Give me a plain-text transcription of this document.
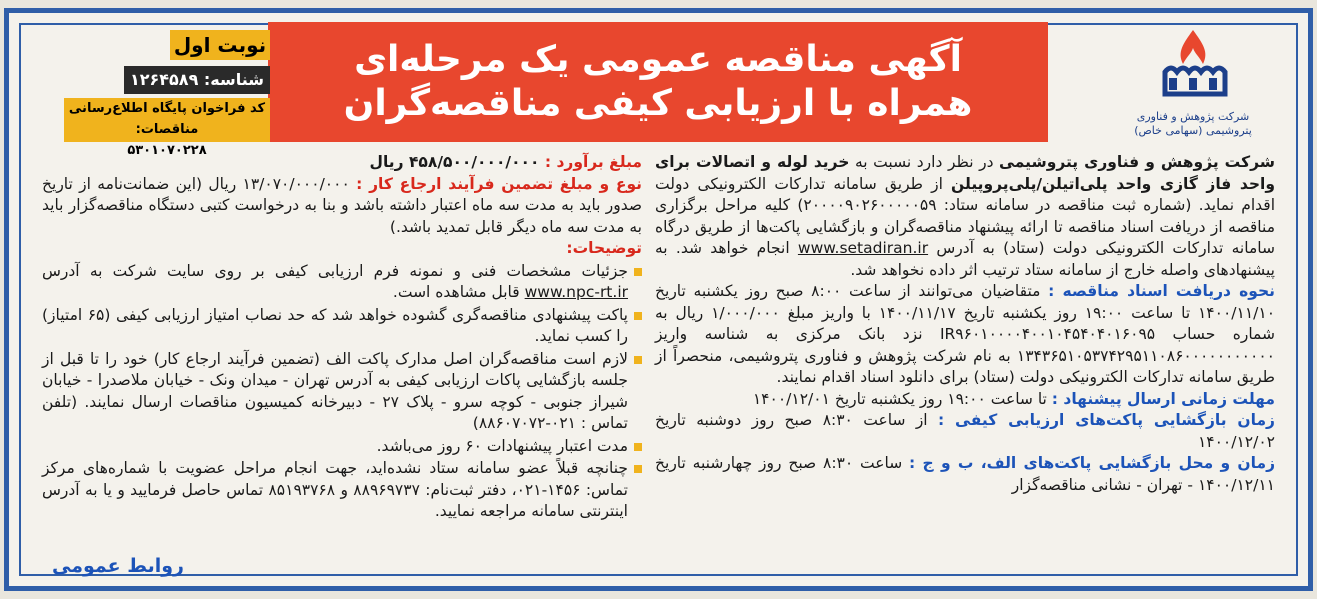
شرکت پژوهش و فناوری پتروشیمی (سهامی خاص)
آگهی مناقصه عمومی یک مرحله‌ای
همراه با ارزیابی کیفی مناقصه‌گران
نوبت اول
شناسه: ۱۲۶۴۵۸۹
کد فراخوان پایگاه اطلاع‌رسانی مناقصات:
۵۳۰۱۰۷۰۲۲۸

شرکت پژوهش و فناوری پتروشیمی در نظر دارد نسبت به خرید لوله و اتصالات برای واحد فاز گازی واحد پلی‌اتیلن/پلی‌پروپیلن از طریق سامانه تدارکات الکترونیکی دولت اقدام نماید. (شماره ثبت مناقصه در سامانه ستاد: ۲۰۰۰۰۹۰۲۶۰۰۰۰۰۵۹) کلیه مراحل برگزاری مناقصه از دریافت اسناد مناقصه تا ارائه پیشنهاد مناقصه‌گران و بازگشایی پاکت‌ها از طریق درگاه سامانه تدارکات الکترونیکی دولت (ستاد) به آدرس www.setadiran.ir انجام خواهد شد. به پیشنهادهای واصله خارج از سامانه ستاد ترتیب اثر داده نخواهد شد.

نحوه دریافت اسناد مناقصه : متقاضیان می‌توانند از ساعت ۸:۰۰ صبح روز یکشنبه تاریخ ۱۴۰۰/۱۱/۱۰ تا ساعت ۱۹:۰۰ روز یکشنبه تاریخ ۱۴۰۰/۱۱/۱۷ با واریز مبلغ ۱/۰۰۰/۰۰۰ ریال به شماره حساب IR۹۶۰۱۰۰۰۰۴۰۰۱۰۴۵۴۰۴۰۱۶۰۹۵ نزد بانک مرکزی به شناسه واریز ۱۳۴۳۶۵۱۰۵۳۷۴۲۹۵۱۱۰۸۶۰۰۰۰۰۰۰۰۰۰۰ به نام شرکت پژوهش و فناوری پتروشیمی، منحصراً از طریق سامانه تدارکات الکترونیکی دولت (ستاد) برای دانلود اسناد اقدام نمایند.

مهلت زمانی ارسال پیشنهاد : تا ساعت ۱۹:۰۰ روز یکشنبه تاریخ ۱۴۰۰/۱۲/۰۱

زمان بازگشایی پاکت‌های ارزیابی کیفی : از ساعت ۸:۳۰ صبح روز دوشنبه تاریخ ۱۴۰۰/۱۲/۰۲

زمان و محل بازگشایی پاکت‌های الف، ب و ج : ساعت ۸:۳۰ صبح روز چهارشنبه تاریخ ۱۴۰۰/۱۲/۱۱ - تهران - نشانی مناقصه‌گزار

مبلغ برآورد : ۴۵۸/۵۰۰/۰۰۰/۰۰۰ ریال

نوع و مبلغ تضمین فرآیند ارجاع کار : ۱۳/۰۷۰/۰۰۰/۰۰۰ ریال (این ضمانت‌نامه از تاریخ صدور باید به مدت سه ماه اعتبار داشته باشد و بنا به درخواست کتبی دستگاه مناقصه‌گزار باید به مدت سه ماه دیگر قابل تمدید باشد.)

توضیحات:

جزئیات مشخصات فنی و نمونه فرم ارزیابی کیفی بر روی سایت شرکت به آدرس www.npc-rt.ir قابل مشاهده است.
پاکت پیشنهادی مناقصه‌گری گشوده خواهد شد که حد نصاب امتیاز ارزیابی کیفی (۶۵ امتیاز) را کسب نماید.
لازم است مناقصه‌گران اصل مدارک پاکت الف (تضمین فرآیند ارجاع کار) خود را تا قبل از جلسه بازگشایی پاکات ارزیابی کیفی به آدرس تهران - میدان ونک - خیابان ملاصدرا - خیابان شیراز جنوبی - کوچه سرو - پلاک ۲۷ - دبیرخانه کمیسیون مناقصات ارسال نمایند. (تلفن تماس : ۰۲۱-۸۸۶۰۷۰۷۲)
مدت اعتبار پیشنهادات ۶۰ روز می‌باشد.
چنانچه قبلاً عضو سامانه ستاد نشده‌اید، جهت انجام مراحل عضویت با شماره‌های مرکز تماس: ۱۴۵۶-۰۲۱، دفتر ثبت‌نام: ۸۸۹۶۹۷۳۷ و ۸۵۱۹۳۷۶۸ تماس حاصل فرمایید و یا به آدرس اینترنتی سامانه مراجعه نمایید.
روابط عمومی
